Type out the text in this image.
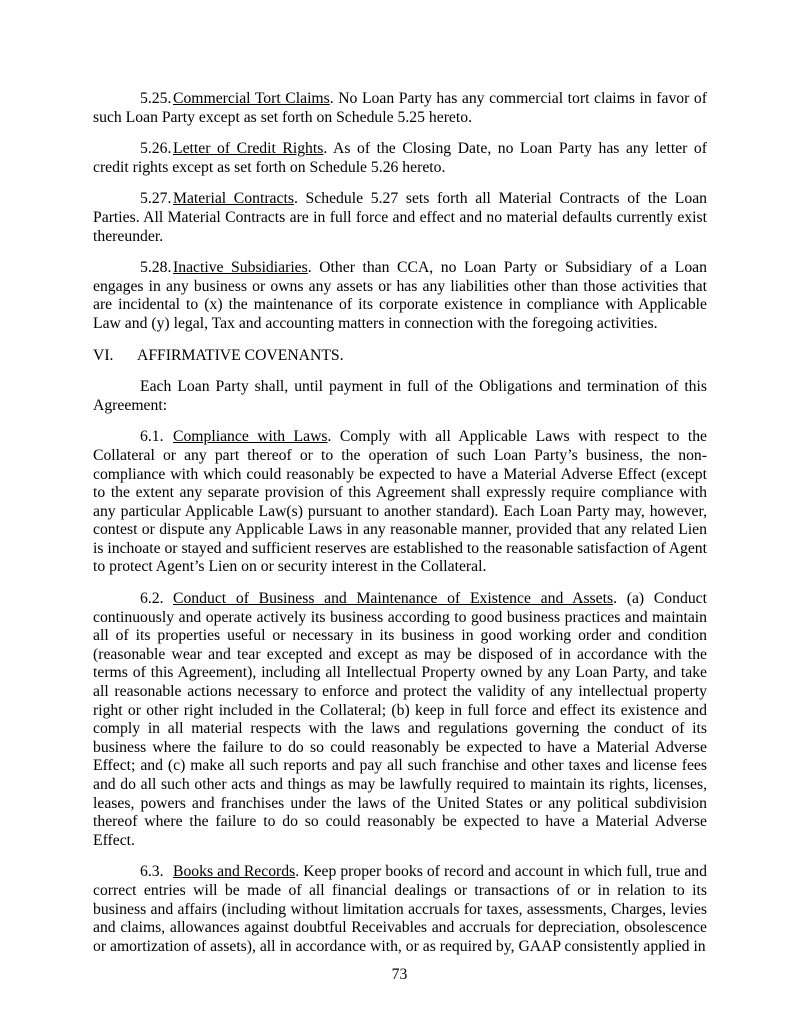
5.25. Commercial Tort Claims. No Loan Party has any commercial tort claims in favor of such Loan Party except as set forth on Schedule 5.25 hereto.

5.26. Letter of Credit Rights. As of the Closing Date, no Loan Party has any letter of credit rights except as set forth on Schedule 5.26 hereto.

5.27. Material Contracts. Schedule 5.27 sets forth all Material Contracts of the Loan Parties. All Material Contracts are in full force and effect and no material defaults currently exist thereunder.

5.28. Inactive Subsidiaries. Other than CCA, no Loan Party or Subsidiary of a Loan engages in any business or owns any assets or has any liabilities other than those activities that are incidental to (x) the maintenance of its corporate existence in compliance with Applicable Law and (y) legal, Tax and accounting matters in connection with the foregoing activities.

VI. AFFIRMATIVE COVENANTS.

Each Loan Party shall, until payment in full of the Obligations and termination of this Agreement:

6.1. Compliance with Laws. Comply with all Applicable Laws with respect to the Collateral or any part thereof or to the operation of such Loan Party’s business, the non-compliance with which could reasonably be expected to have a Material Adverse Effect (except to the extent any separate provision of this Agreement shall expressly require compliance with any particular Applicable Law(s) pursuant to another standard). Each Loan Party may, however, contest or dispute any Applicable Laws in any reasonable manner, provided that any related Lien is inchoate or stayed and sufficient reserves are established to the reasonable satisfaction of Agent to protect Agent’s Lien on or security interest in the Collateral.

6.2. Conduct of Business and Maintenance of Existence and Assets. (a) Conduct continuously and operate actively its business according to good business practices and maintain all of its properties useful or necessary in its business in good working order and condition (reasonable wear and tear excepted and except as may be disposed of in accordance with the terms of this Agreement), including all Intellectual Property owned by any Loan Party, and take all reasonable actions necessary to enforce and protect the validity of any intellectual property right or other right included in the Collateral; (b) keep in full force and effect its existence and comply in all material respects with the laws and regulations governing the conduct of its business where the failure to do so could reasonably be expected to have a Material Adverse Effect; and (c) make all such reports and pay all such franchise and other taxes and license fees and do all such other acts and things as may be lawfully required to maintain its rights, licenses, leases, powers and franchises under the laws of the United States or any political subdivision thereof where the failure to do so could reasonably be expected to have a Material Adverse Effect.

6.3. Books and Records. Keep proper books of record and account in which full, true and correct entries will be made of all financial dealings or transactions of or in relation to its business and affairs (including without limitation accruals for taxes, assessments, Charges, levies and claims, allowances against doubtful Receivables and accruals for depreciation, obsolescence or amortization of assets), all in accordance with, or as required by, GAAP consistently applied in

73
